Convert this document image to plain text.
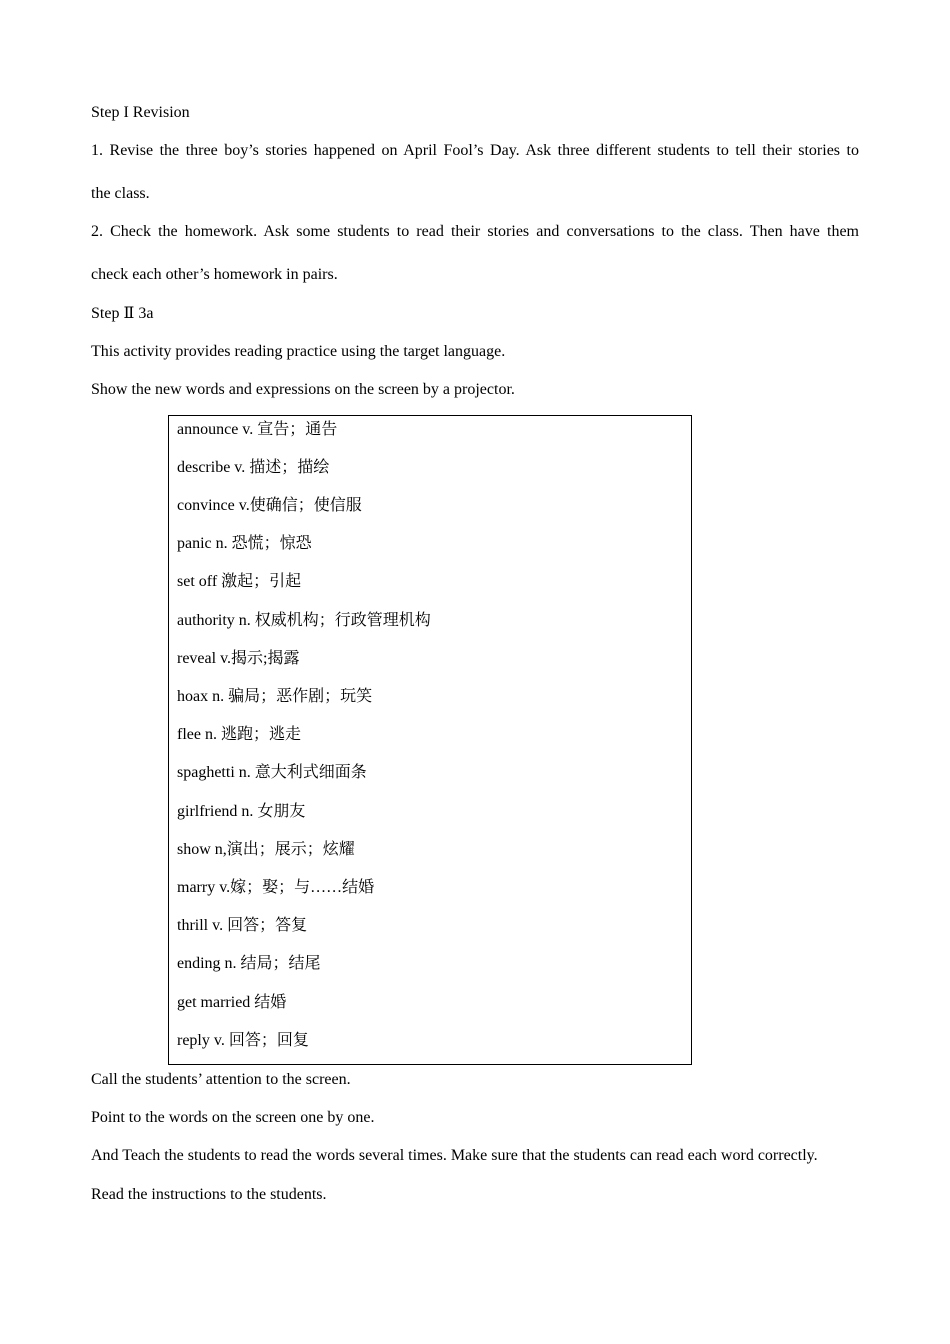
Step I Revision
1. Revise the three boy’s stories happened on April Fool’s Day. Ask three different students to tell their stories to
the class.
2. Check the homework. Ask some students to read their stories and conversations to the class. Then have them
check each other’s homework in pairs.
Step Ⅱ 3a
This activity provides reading practice using the target language.
Show the new words and expressions on the screen by a projector.
Call the students’ attention to the screen.
Point to the words on the screen one by one.
And Teach the students to read the words several times. Make sure that the students can read each word correctly.
Read the instructions to the students.
announce v. 宣告；通告
describe v. 描述；描绘
convince v.使确信；使信服
panic n. 恐慌；惊恐
set off 激起；引起
authority n. 权威机构；行政管理机构
reveal v.揭示;揭露
hoax n. 骗局；恶作剧；玩笑
flee n. 逃跑；逃走
spaghetti n. 意大利式细面条
girlfriend n. 女朋友
show n,演出；展示；炫耀
marry v.嫁；娶；与……结婚
thrill v. 回答；答复
ending n. 结局；结尾
get married 结婚
reply v. 回答；回复
